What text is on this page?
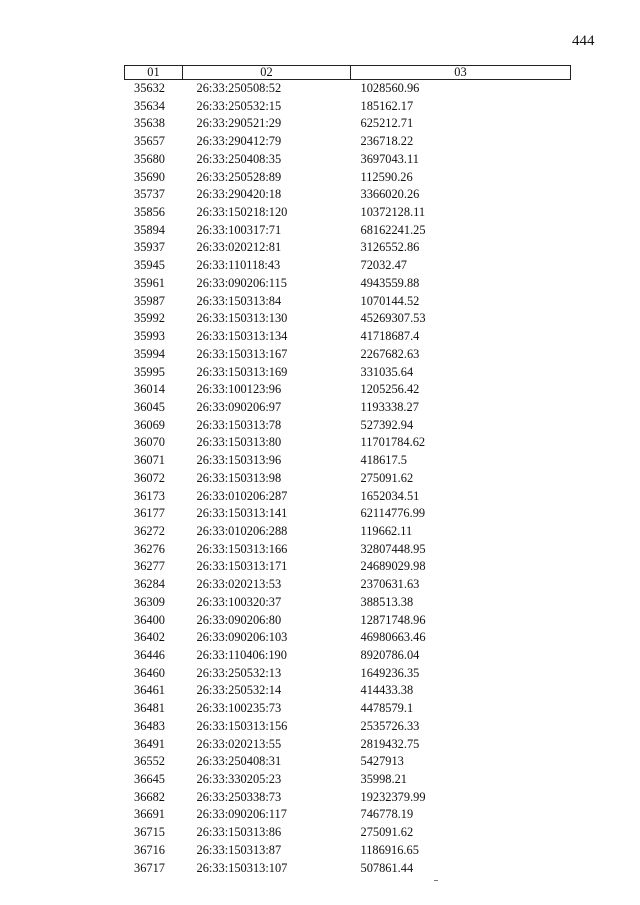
444
01	02	03
35632	26:33:250508:52	1028560.96
35634	26:33:250532:15	185162.17
35638	26:33:290521:29	625212.71
35657	26:33:290412:79	236718.22
35680	26:33:250408:35	3697043.11
35690	26:33:250528:89	112590.26
35737	26:33:290420:18	3366020.26
35856	26:33:150218:120	10372128.11
35894	26:33:100317:71	68162241.25
35937	26:33:020212:81	3126552.86
35945	26:33:110118:43	72032.47
35961	26:33:090206:115	4943559.88
35987	26:33:150313:84	1070144.52
35992	26:33:150313:130	45269307.53
35993	26:33:150313:134	41718687.4
35994	26:33:150313:167	2267682.63
35995	26:33:150313:169	331035.64
36014	26:33:100123:96	1205256.42
36045	26:33:090206:97	1193338.27
36069	26:33:150313:78	527392.94
36070	26:33:150313:80	11701784.62
36071	26:33:150313:96	418617.5
36072	26:33:150313:98	275091.62
36173	26:33:010206:287	1652034.51
36177	26:33:150313:141	62114776.99
36272	26:33:010206:288	119662.11
36276	26:33:150313:166	32807448.95
36277	26:33:150313:171	24689029.98
36284	26:33:020213:53	2370631.63
36309	26:33:100320:37	388513.38
36400	26:33:090206:80	12871748.96
36402	26:33:090206:103	46980663.46
36446	26:33:110406:190	8920786.04
36460	26:33:250532:13	1649236.35
36461	26:33:250532:14	414433.38
36481	26:33:100235:73	4478579.1
36483	26:33:150313:156	2535726.33
36491	26:33:020213:55	2819432.75
36552	26:33:250408:31	5427913
36645	26:33:330205:23	35998.21
36682	26:33:250338:73	19232379.99
36691	26:33:090206:117	746778.19
36715	26:33:150313:86	275091.62
36716	26:33:150313:87	1186916.65
36717	26:33:150313:107	507861.44
